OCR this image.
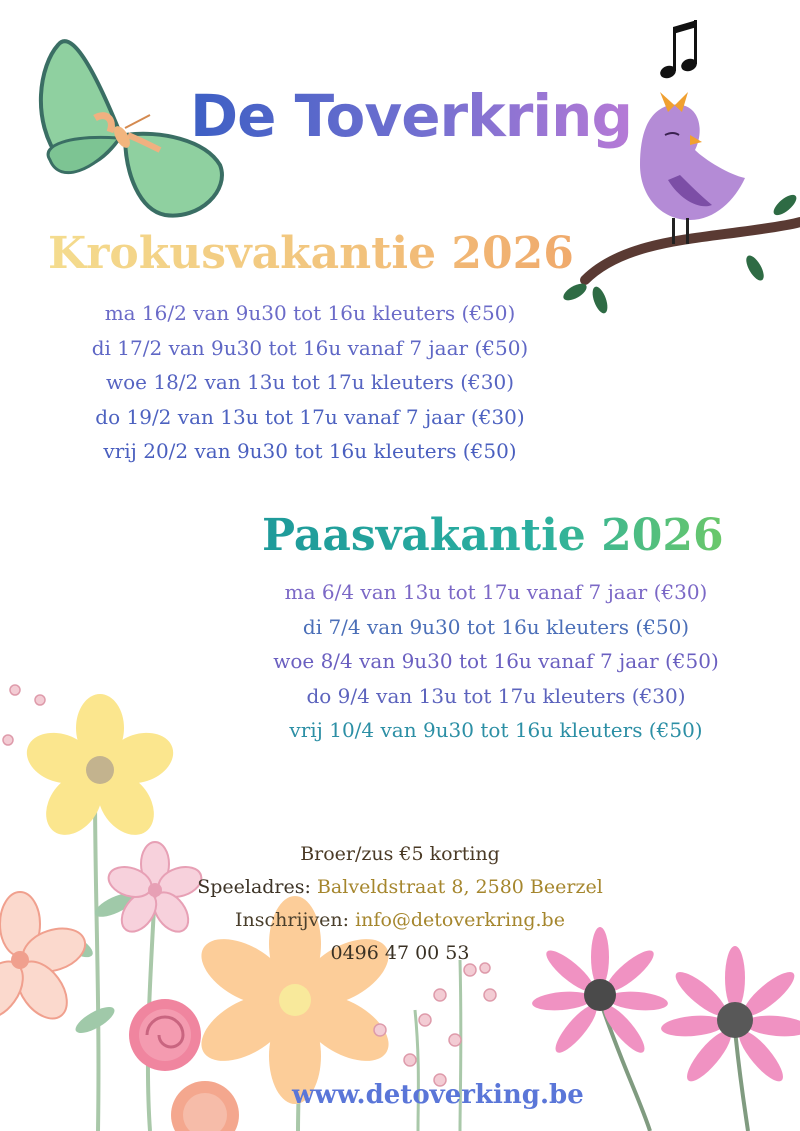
De Toverkring
Krokusvakantie 2026
ma 16/2 van 9u30 tot 16u kleuters (€50)
di 17/2 van 9u30 tot 16u vanaf 7 jaar (€50)
woe 18/2 van 13u tot 17u kleuters (€30)
do 19/2 van 13u tot 17u vanaf 7 jaar (€30)
vrij 20/2 van 9u30 tot 16u kleuters (€50)
Paasvakantie 2026
ma 6/4 van 13u tot 17u vanaf 7 jaar (€30)
di 7/4 van 9u30 tot 16u kleuters (€50)
woe 8/4 van 9u30 tot 16u vanaf 7 jaar (€50)
do 9/4 van 13u tot 17u kleuters (€30)
vrij 10/4 van 9u30 tot 16u kleuters (€50)
Broer/zus €5 korting
Speeladres: Balveldstraat 8, 2580 Beerzel
Inschrijven: info@detoverkring.be
0496 47 00 53
www.detoverking.be
